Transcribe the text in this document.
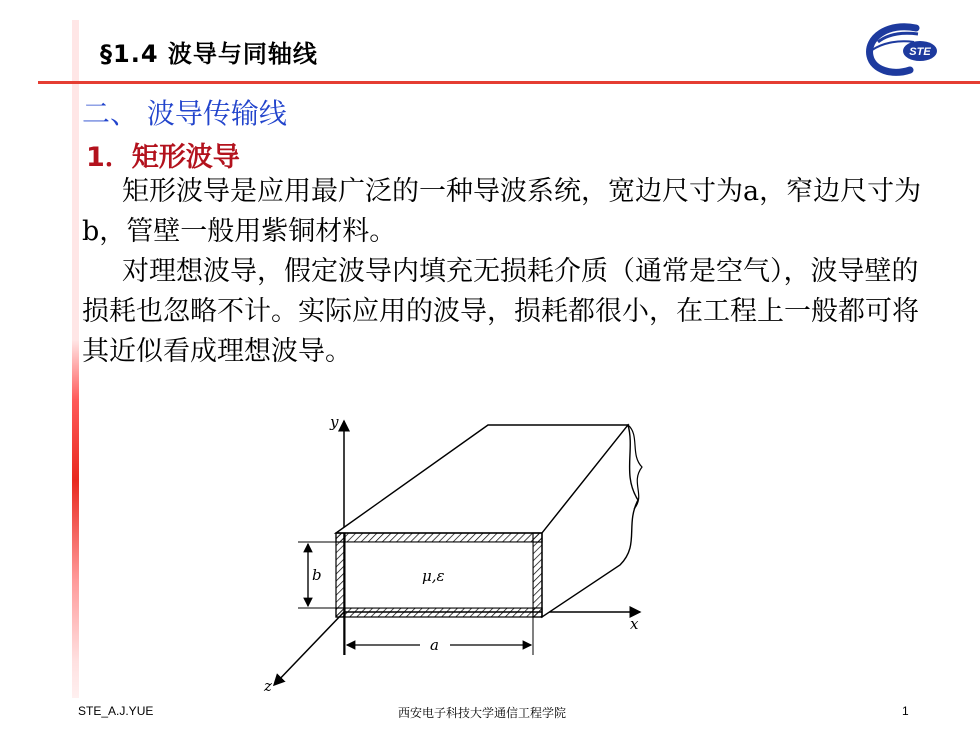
§1.4 波导与同轴线	STE
二、 波导传输线
1．矩形波导

矩形波导是应用最广泛的一种导波系统，宽边尺寸为a，窄边尺寸为b，管壁一般用紫铜材料。

对理想波导，假定波导内填充无损耗介质（通常是空气），波导壁的损耗也忽略不计。实际应用的波导，损耗都很小，在工程上一般都可将其近似看成理想波导。

y
x
z
μ,ε
b
a
STE_A.J.YUE	西安电子科技大学通信工程学院	1
